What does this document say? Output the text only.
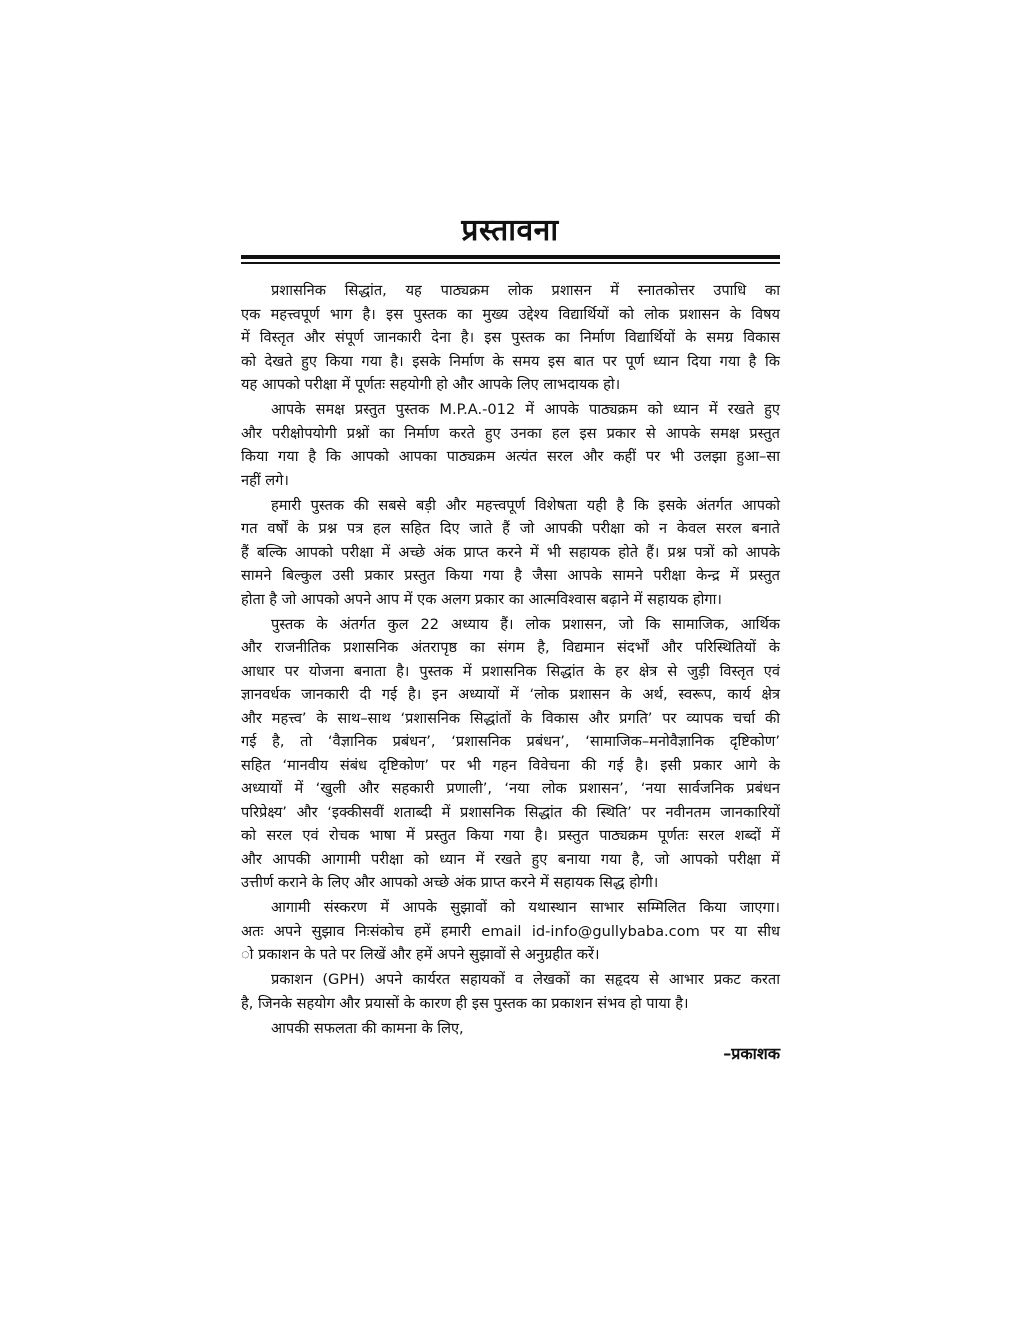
प्रस्तावना
प्रशासनिक सिद्धांत, यह पाठ्यक्रम लोक प्रशासन में स्नातकोत्तर उपाधि का
एक महत्त्वपूर्ण भाग है। इस पुस्तक का मुख्य उद्देश्य विद्यार्थियों को लोक प्रशासन के विषय
में विस्तृत और संपूर्ण जानकारी देना है। इस पुस्तक का निर्माण विद्यार्थियों के समग्र विकास
को देखते हुए किया गया है। इसके निर्माण के समय इस बात पर पूर्ण ध्यान दिया गया है कि
यह आपको परीक्षा में पूर्णतः सहयोगी हो और आपके लिए लाभदायक हो।
आपके समक्ष प्रस्तुत पुस्तक M.P.A.-012 में आपके पाठ्यक्रम को ध्यान में रखते हुए
और परीक्षोपयोगी प्रश्नों का निर्माण करते हुए उनका हल इस प्रकार से आपके समक्ष प्रस्तुत
किया गया है कि आपको आपका पाठ्यक्रम अत्यंत सरल और कहीं पर भी उलझा हुआ–सा
नहीं लगे।
हमारी पुस्तक की सबसे बड़ी और महत्त्वपूर्ण विशेषता यही है कि इसके अंतर्गत आपको
गत वर्षों के प्रश्न पत्र हल सहित दिए जाते हैं जो आपकी परीक्षा को न केवल सरल बनाते
हैं बल्कि आपको परीक्षा में अच्छे अंक प्राप्त करने में भी सहायक होते हैं। प्रश्न पत्रों को आपके
सामने बिल्कुल उसी प्रकार प्रस्तुत किया गया है जैसा आपके सामने परीक्षा केन्द्र में प्रस्तुत
होता है जो आपको अपने आप में एक अलग प्रकार का आत्मविश्वास बढ़ाने में सहायक होगा।
पुस्तक के अंतर्गत कुल 22 अध्याय हैं। लोक प्रशासन, जो कि सामाजिक, आर्थिक
और राजनीतिक प्रशासनिक अंतरापृष्ठ का संगम है, विद्यमान संदर्भों और परिस्थितियों के
आधार पर योजना बनाता है। पुस्तक में प्रशासनिक सिद्धांत के हर क्षेत्र से जुड़ी विस्तृत एवं
ज्ञानवर्धक जानकारी दी गई है। इन अध्यायों में ‘लोक प्रशासन के अर्थ, स्वरूप, कार्य क्षेत्र
और महत्त्व’ के साथ–साथ ‘प्रशासनिक सिद्धांतों के विकास और प्रगति’ पर व्यापक चर्चा की
गई है, तो ‘वैज्ञानिक प्रबंधन’, ‘प्रशासनिक प्रबंधन’, ‘सामाजिक–मनोवैज्ञानिक दृष्टिकोण’
सहित ‘मानवीय संबंध दृष्टिकोण’ पर भी गहन विवेचना की गई है। इसी प्रकार आगे के
अध्यायों में ‘खुली और सहकारी प्रणाली’, ‘नया लोक प्रशासन’, ‘नया सार्वजनिक प्रबंधन
परिप्रेक्ष्य’ और ‘इक्कीसवीं शताब्दी में प्रशासनिक सिद्धांत की स्थिति’ पर नवीनतम जानकारियों
को सरल एवं रोचक भाषा में प्रस्तुत किया गया है। प्रस्तुत पाठ्यक्रम पूर्णतः सरल शब्दों में
और आपकी आगामी परीक्षा को ध्यान में रखते हुए बनाया गया है, जो आपको परीक्षा में
उत्तीर्ण कराने के लिए और आपको अच्छे अंक प्राप्त करने में सहायक सिद्ध होगी।
आगामी संस्करण में आपके सुझावों को यथास्थान साभार सम्मिलित किया जाएगा।
अतः अपने सुझाव निःसंकोच हमें हमारी email id-info@gullybaba.com पर या सीध
ो प्रकाशन के पते पर लिखें और हमें अपने सुझावों से अनुग्रहीत करें।
प्रकाशन (GPH) अपने कार्यरत सहायकों व लेखकों का सहृदय से आभार प्रकट करता
है, जिनके सहयोग और प्रयासों के कारण ही इस पुस्तक का प्रकाशन संभव हो पाया है।
आपकी सफलता की कामना के लिए,
–प्रकाशक
